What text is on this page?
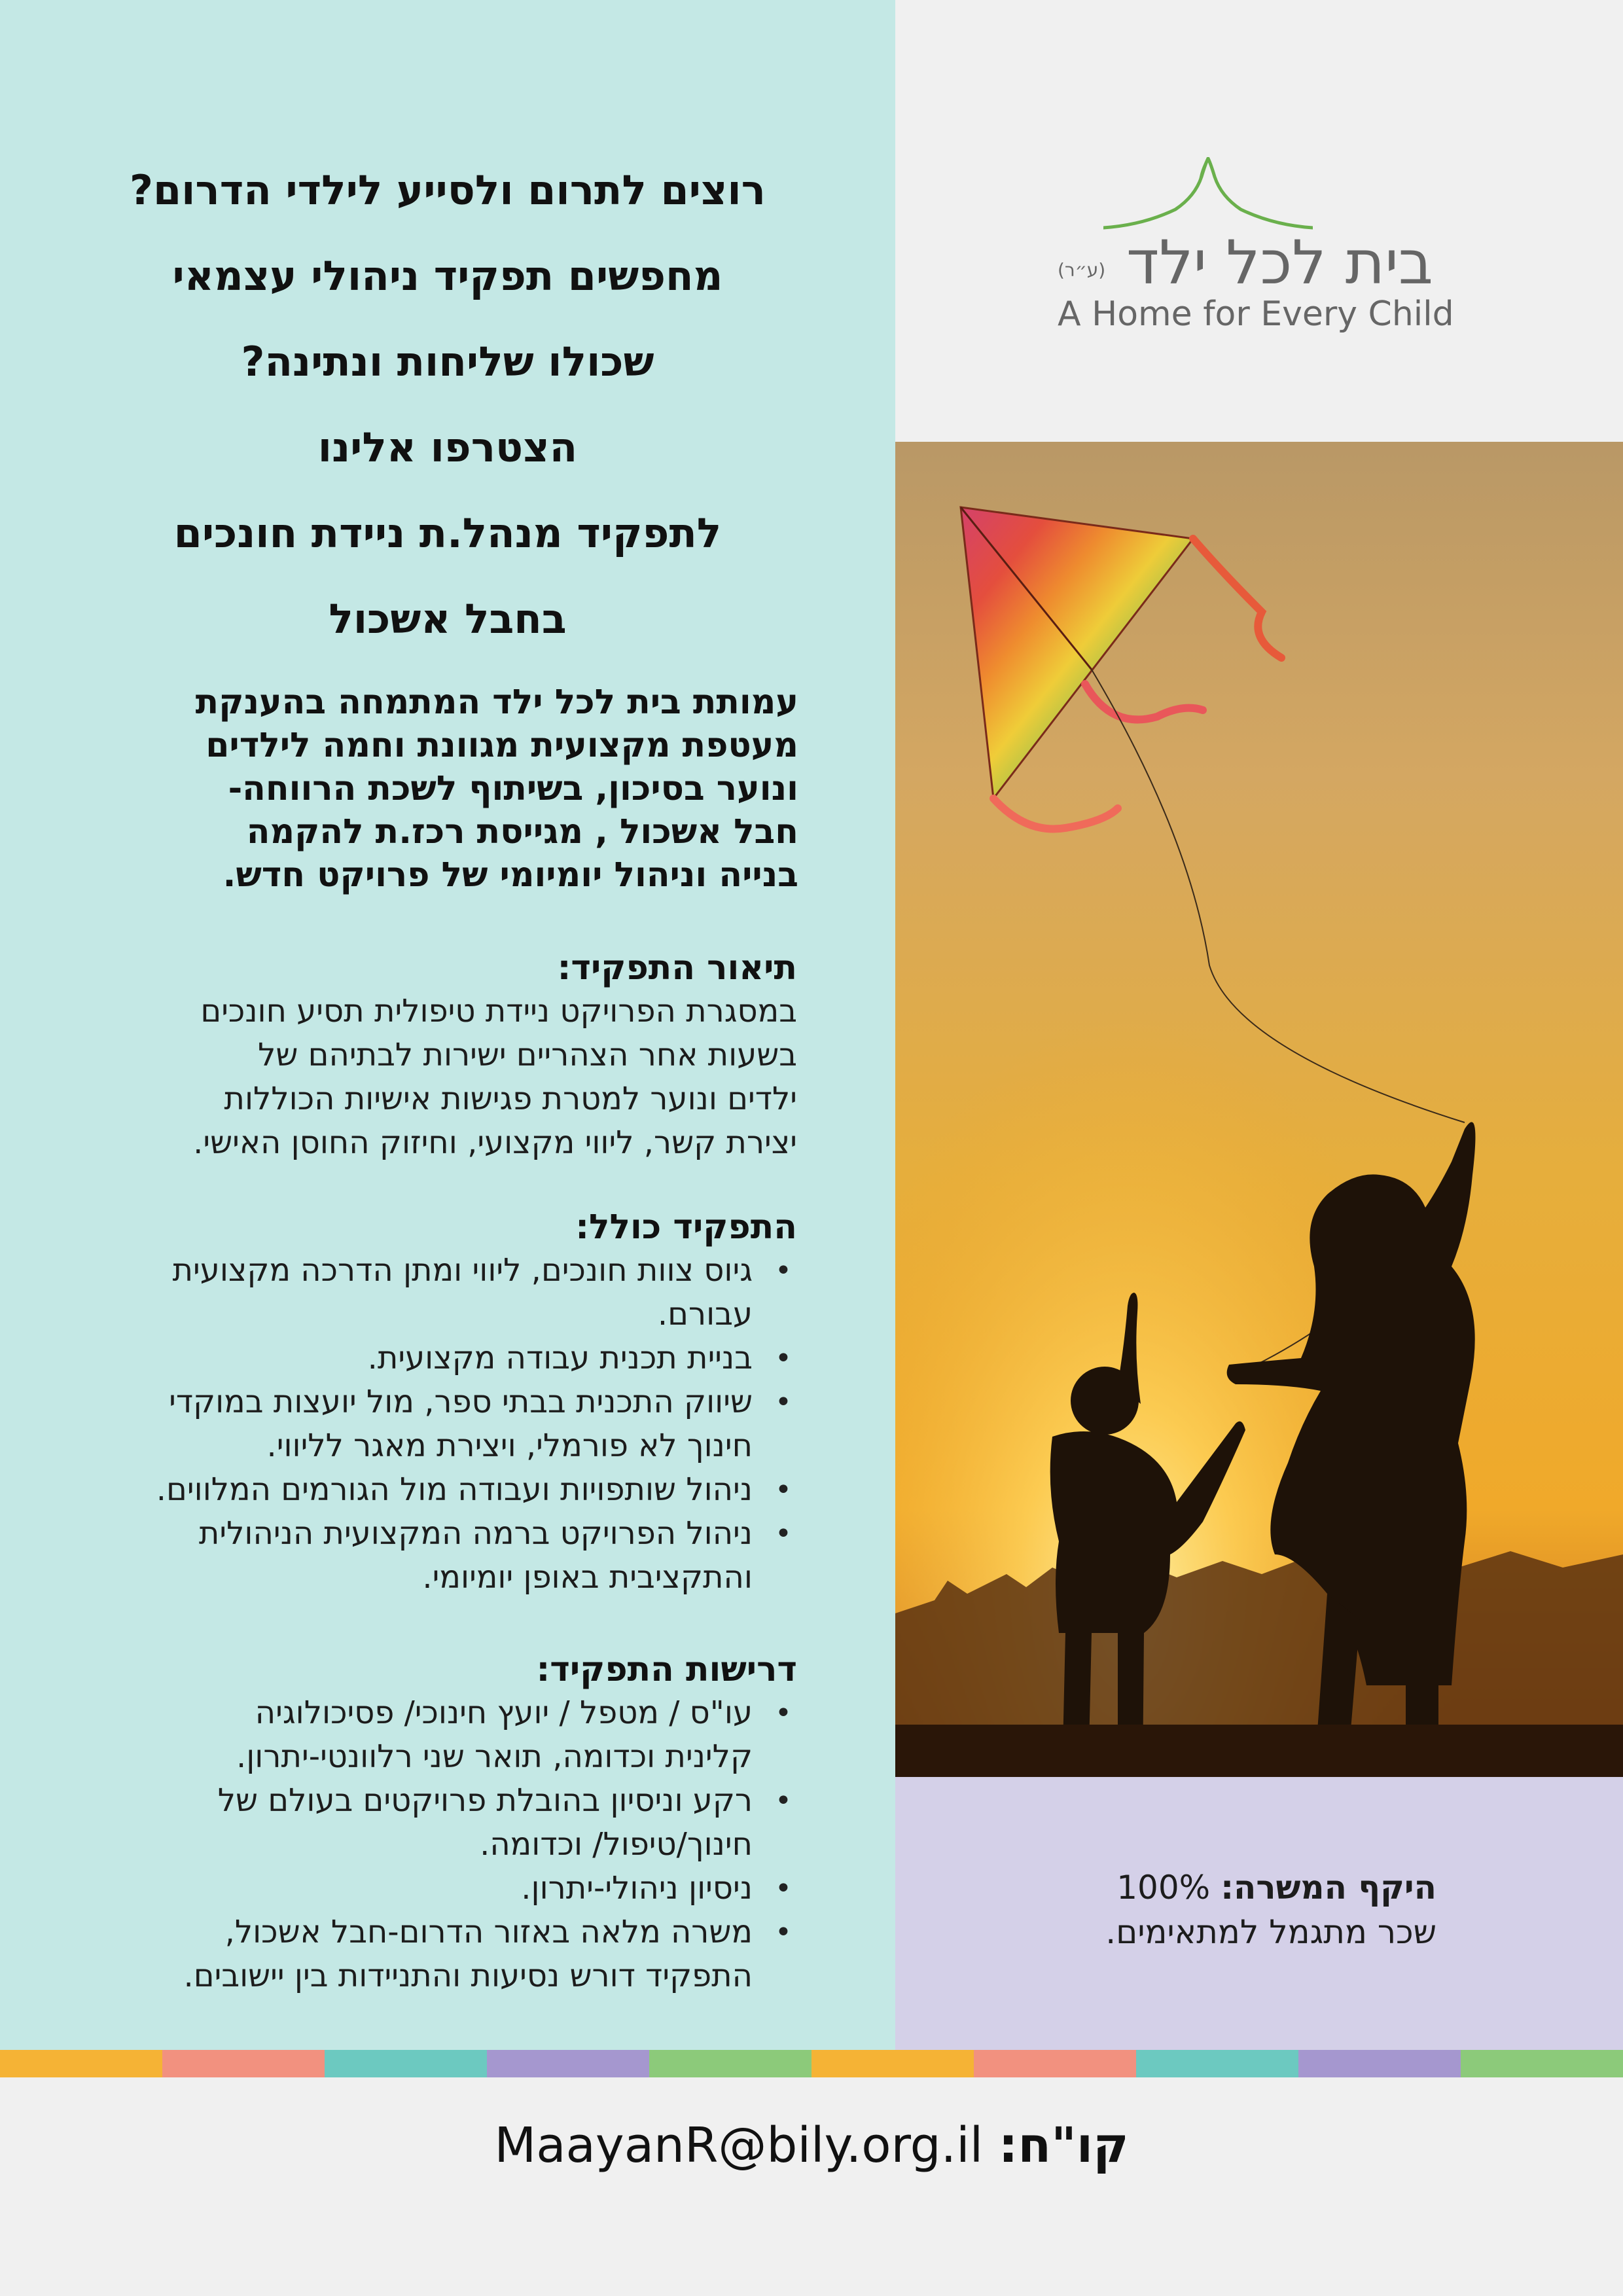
רוצים לתרום ולסייע לילדי הדרום?
מחפשים תפקיד ניהולי עצמאי
שכולו שליחות ונתינה?
הצטרפו אלינו
לתפקיד מנהל.ת ניידת חונכים
בחבל אשכול
עמותת בית לכל ילד המתמחה בהענקת
מעטפת מקצועית מגוונת וחמה לילדים
ונוער בסיכון, בשיתוף לשכת הרווחה-
חבל אשכול , מגייסת רכז.ת להקמה
בנייה וניהול יומיומי של פרויקט חדש.
תיאור התפקיד:
במסגרת הפרויקט ניידת טיפולית תסיע חונכים
בשעות אחר הצהריים ישירות לבתיהם של
ילדים ונוער למטרת פגישות אישיות הכוללות
יצירת קשר, ליווי מקצועי, וחיזוק החוסן האישי.
התפקיד כולל:
• גיוס צוות חונכים, ליווי ומתן הדרכה מקצועית
עבורם.
• בניית תכנית עבודה מקצועית.
• שיווק התכנית בבתי ספר, מול יועצות במוקדי
חינוך לא פורמלי, ויצירת מאגר לליווי.
• ניהול שותפויות ועבודה מול הגורמים המלווים.
• ניהול הפרויקט ברמה המקצועית הניהולית
והתקציבית באופן יומיומי.
דרישות התפקיד:
• עו"ס / מטפל / יועץ חינוכי/ פסיכולוגיה
קלינית וכדומה, תואר שני רלוונטי-יתרון.
• רקע וניסיון בהובלת פרויקטים בעולם של
חינוך/טיפול/ וכדומה.
• ניסיון ניהולי-יתרון.
• משרה מלאה באזור הדרום-חבל אשכול,
התפקיד דורש נסיעות והתניידות בין יישובים.
בית לכל ילד
(ע״ר)
A Home for Every Child
היקף המשרה: 100%
שכר מתגמל למתאימים.
קו"ח: MaayanR@bily.org.il
